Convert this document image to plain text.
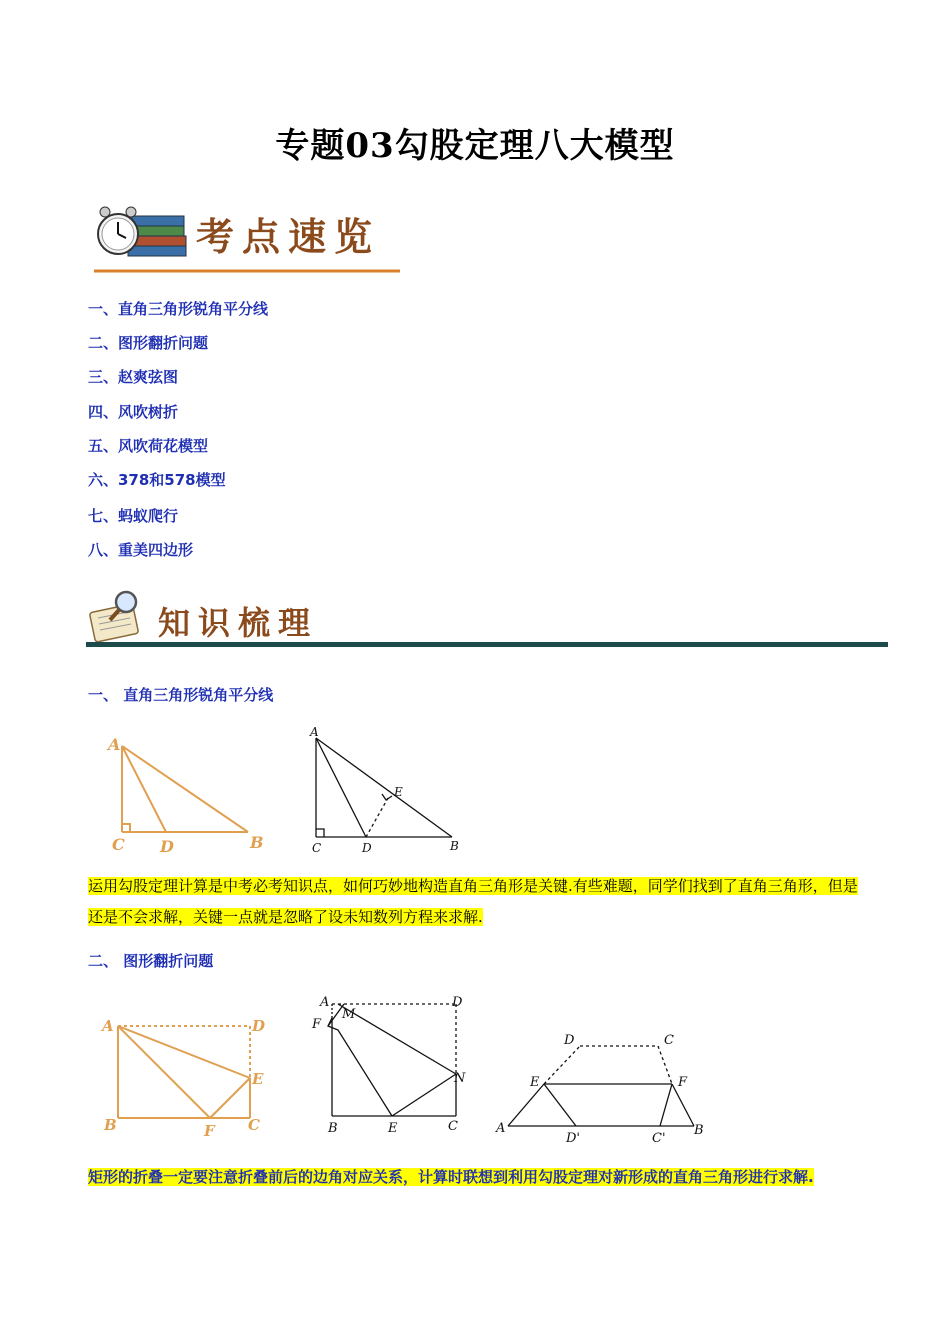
专题03勾股定理八大模型
考点速览
一、直角三角形锐角平分线
二、图形翻折问题
三、赵爽弦图
四、风吹树折
五、风吹荷花模型
六、378和578模型
七、蚂蚁爬行
八、重美四边形
知识梳理
一、 直角三角形锐角平分线
A
C D	B
A
E
C	D	B
运用勾股定理计算是中考必考知识点，如何巧妙地构造直角三角形是关键.有些难题，同学们找到了直角三角形，但是还是不会求解，关键一点就是忽略了设未知数列方程来求解.
二、 图形翻折问题
A	D
E
B	F C
A	D
F
M
N
B	E	C
D	C
E	F
A
D'	C'
B
矩形的折叠一定要注意折叠前后的边角对应关系，计算时联想到利用勾股定理对新形成的直角三角形进行求解.
